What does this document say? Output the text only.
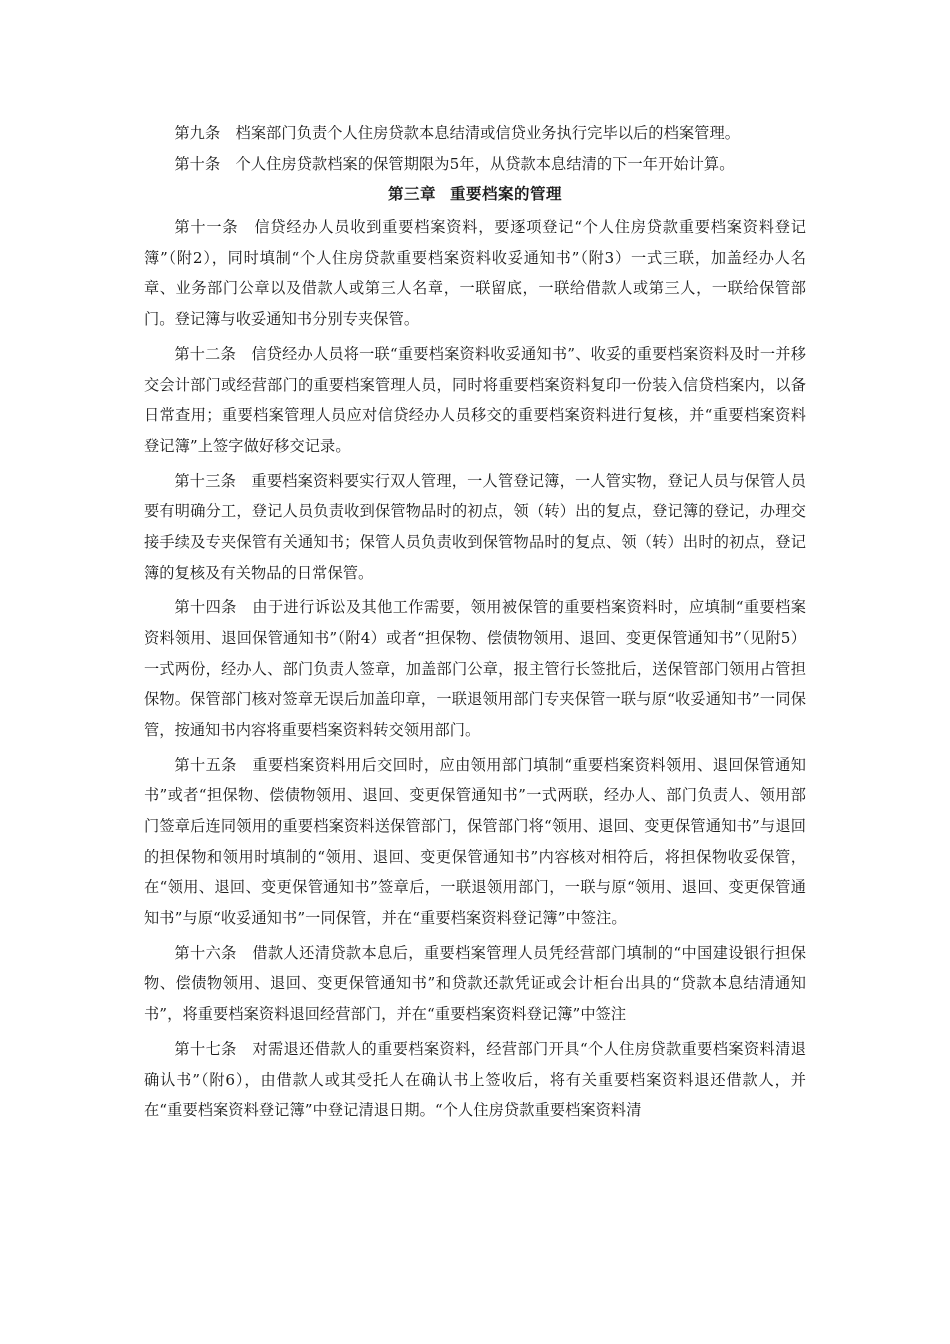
第九条　档案部门负责个人住房贷款本息结清或信贷业务执行完毕以后的档案管理。

第十条　个人住房贷款档案的保管期限为5年，从贷款本息结清的下一年开始计算。

第三章 重要档案的管理

第十一条　信贷经办人员收到重要档案资料，要逐项登记“个人住房贷款重要档案资料登记簿”（附2），同时填制“个人住房贷款重要档案资料收妥通知书”（附3）一式三联，加盖经办人名章、业务部门公章以及借款人或第三人名章，一联留底，一联给借款人或第三人，一联给保管部门。登记簿与收妥通知书分别专夹保管。

第十二条　信贷经办人员将一联“重要档案资料收妥通知书”、收妥的重要档案资料及时一并移交会计部门或经营部门的重要档案管理人员，同时将重要档案资料复印一份装入信贷档案内，以备日常查用；重要档案管理人员应对信贷经办人员移交的重要档案资料进行复核，并“重要档案资料登记簿”上签字做好移交记录。

第十三条　重要档案资料要实行双人管理，一人管登记簿，一人管实物，登记人员与保管人员要有明确分工，登记人员负责收到保管物品时的初点，领（转）出的复点，登记簿的登记，办理交接手续及专夹保管有关通知书；保管人员负责收到保管物品时的复点、领（转）出时的初点，登记簿的复核及有关物品的日常保管。

第十四条　由于进行诉讼及其他工作需要，领用被保管的重要档案资料时，应填制“重要档案资料领用、退回保管通知书”（附4）或者“担保物、偿债物领用、退回、变更保管通知书”（见附5）一式两份，经办人、部门负责人签章，加盖部门公章，报主管行长签批后，送保管部门领用占管担保物。保管部门核对签章无误后加盖印章，一联退领用部门专夹保管一联与原“收妥通知书”一同保管，按通知书内容将重要档案资料转交领用部门。

第十五条　重要档案资料用后交回时，应由领用部门填制“重要档案资料领用、退回保管通知书”或者“担保物、偿债物领用、退回、变更保管通知书”一式两联，经办人、部门负责人、领用部门签章后连同领用的重要档案资料送保管部门，保管部门将“领用、退回、变更保管通知书”与退回的担保物和领用时填制的“领用、退回、变更保管通知书”内容核对相符后，将担保物收妥保管，在“领用、退回、变更保管通知书”签章后，一联退领用部门，一联与原“领用、退回、变更保管通知书”与原“收妥通知书”一同保管，并在“重要档案资料登记簿”中签注。

第十六条　借款人还清贷款本息后，重要档案管理人员凭经营部门填制的“中国建设银行担保物、偿债物领用、退回、变更保管通知书”和贷款还款凭证或会计柜台出具的“贷款本息结清通知书”，将重要档案资料退回经营部门，并在“重要档案资料登记簿”中签注

第十七条　对需退还借款人的重要档案资料，经营部门开具“个人住房贷款重要档案资料清退确认书”（附6），由借款人或其受托人在确认书上签收后，将有关重要档案资料退还借款人，并在“重要档案资料登记簿”中登记清退日期。“个人住房贷款重要档案资料清
